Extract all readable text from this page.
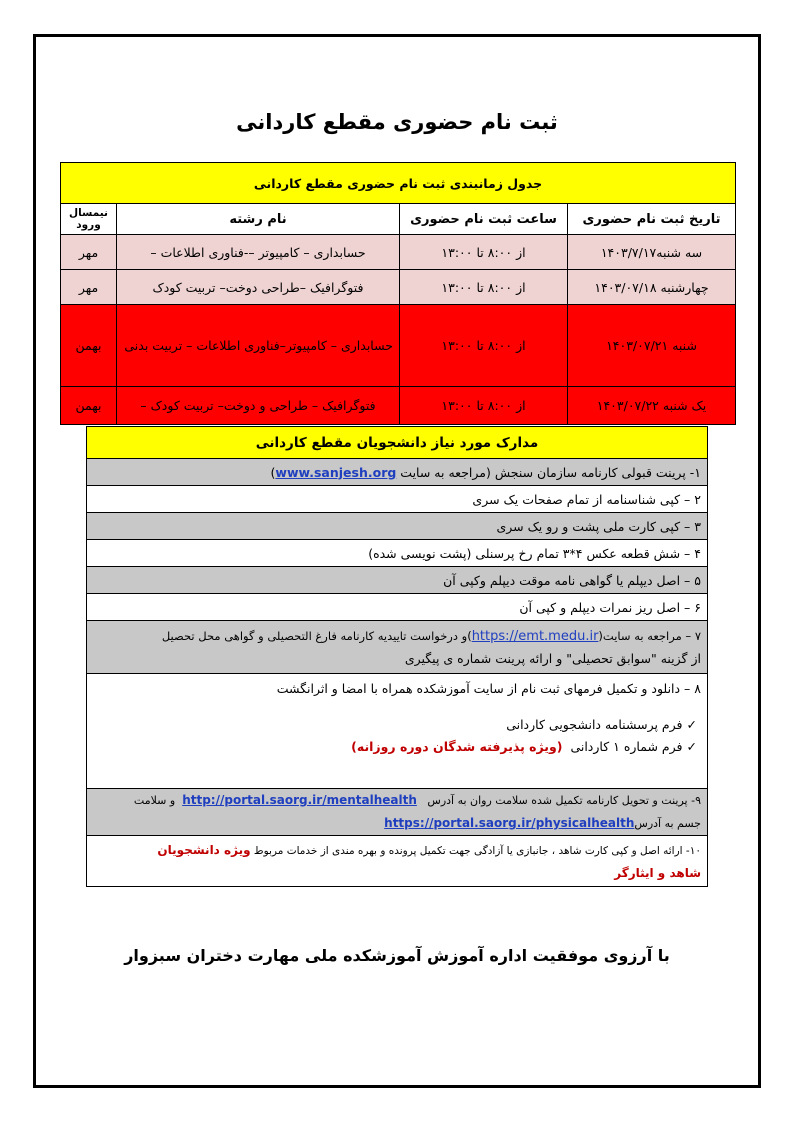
ثبت نام حضوری مقطع کاردانی
جدول زمانبندی ثبت نام حضوری مقطع کاردانی			
تاریخ ثبت نام حضوری	ساعت ثبت نام حضوری	نام رشته	نیمسال ورود
سه شنبه۱۴۰۳/۷/۱۷	از ۸:۰۰ تا ۱۳:۰۰	حسابداری – کامپیوتر –-فناوری اطلاعات –	مهر
چهارشنبه ۱۴۰۳/۰۷/۱۸	از ۸:۰۰ تا ۱۳:۰۰	فتوگرافیک –طراحی دوخت– تربیت کودک	مهر
شنبه ۱۴۰۳/۰۷/۲۱	از ۸:۰۰ تا ۱۳:۰۰	حسابداری – کامپیوتر–فناوری اطلاعات – تربیت بدنی	بهمن
یک شنبه ۱۴۰۳/۰۷/۲۲	از ۸:۰۰ تا ۱۳:۰۰	فتوگرافیک – طراحی و دوخت– تربیت کودک –	بهمن
مدارک مورد نیاز دانشجویان مقطع کاردانی
۱- پرینت قبولی کارنامه سازمان سنجش (مراجعه به سایت www.sanjesh.org)
۲ – کپی شناسنامه از تمام صفحات یک سری
۳ – کپی کارت ملی پشت و رو یک سری
۴ – شش قطعه عکس ۴*۳ تمام رخ پرسنلی (پشت نویسی شده)
۵ – اصل دیپلم یا گواهی نامه موقت دیپلم وکپی آن
۶ – اصل ریز نمرات دیپلم و کپی آن

۷ – مراجعه به سایت(https://emt.medu.ir)و درخواست تاییدیه کارنامه فارغ التحصیلی و گواهی محل تحصیل
از گزینه "سوابق تحصیلی" و ارائه پرینت شماره ی پیگیری

۸ – دانلود و تکمیل فرمهای ثبت نام از سایت آموزشکده همراه با امضا و اثرانگشت
✓ فرم پرسشنامه دانشجویی کاردانی
✓ فرم شماره ۱ کاردانی  (ویژه پذیرفته شدگان دوره روزانه)

۹- پرینت و تحویل کارنامه تکمیل شده سلامت روان به آدرس   http://portal.saorg.ir/mentalhealth  و سلامت
جسم به آدرسhttps://portal.saorg.ir/physicalhealth

۱۰- ارائه اصل و کپی کارت شاهد ، جانبازی یا آزادگی جهت تکمیل پرونده و بهره مندی از خدمات مربوط ویژه دانشجویان
شاهد و ایثارگر
با آرزوی موفقیت اداره آموزش آموزشکده ملی مهارت دختران سبزوار
